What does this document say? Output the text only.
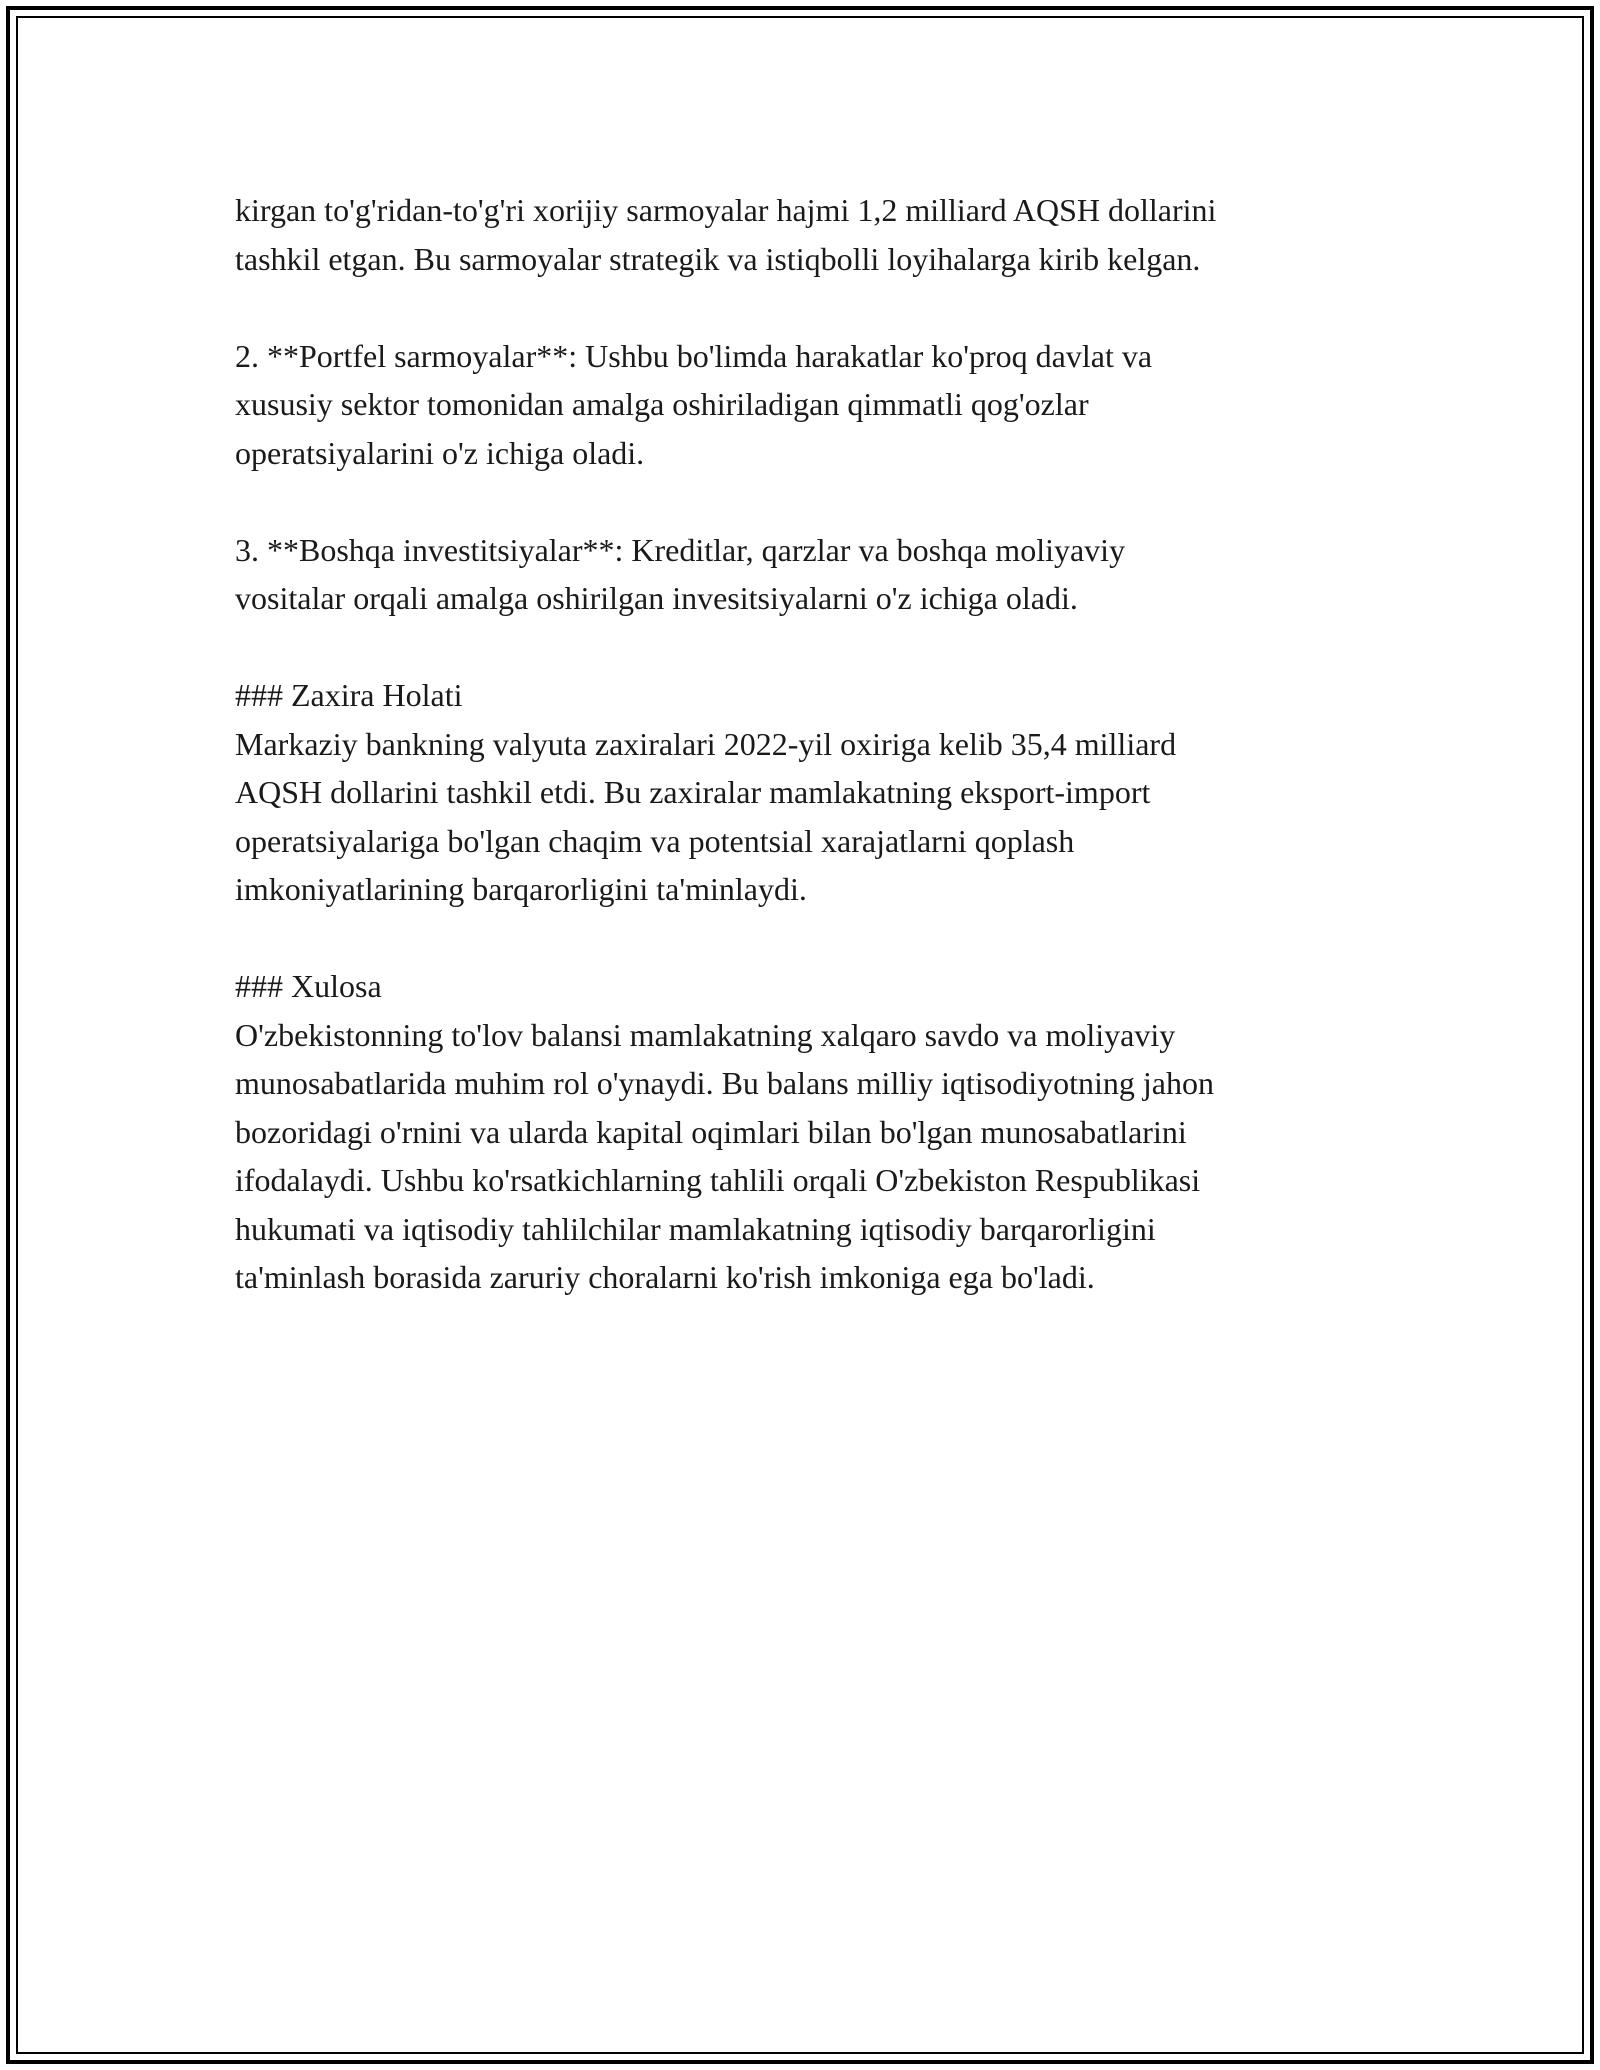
kirgan to'g'ridan-to'g'ri xorijiy sarmoyalar hajmi 1,2 milliard AQSH dollarini
tashkil etgan. Bu sarmoyalar strategik va istiqbolli loyihalarga kirib kelgan.
2. **Portfel sarmoyalar**: Ushbu bo'limda harakatlar ko'proq davlat va
xususiy sektor tomonidan amalga oshiriladigan qimmatli qog'ozlar
operatsiyalarini o'z ichiga oladi.
3. **Boshqa investitsiyalar**: Kreditlar, qarzlar va boshqa moliyaviy
vositalar orqali amalga oshirilgan invesitsiyalarni o'z ichiga oladi.
### Zaxira Holati
Markaziy bankning valyuta zaxiralari 2022-yil oxiriga kelib 35,4 milliard
AQSH dollarini tashkil etdi. Bu zaxiralar mamlakatning eksport-import
operatsiyalariga bo'lgan chaqim va potentsial xarajatlarni qoplash
imkoniyatlarining barqarorligini ta'minlaydi.
### Xulosa
O'zbekistonning to'lov balansi mamlakatning xalqaro savdo va moliyaviy
munosabatlarida muhim rol o'ynaydi. Bu balans milliy iqtisodiyotning jahon
bozoridagi o'rnini va ularda kapital oqimlari bilan bo'lgan munosabatlarini
ifodalaydi. Ushbu ko'rsatkichlarning tahlili orqali O'zbekiston Respublikasi
hukumati va iqtisodiy tahlilchilar mamlakatning iqtisodiy barqarorligini
ta'minlash borasida zaruriy choralarni ko'rish imkoniga ega bo'ladi.
